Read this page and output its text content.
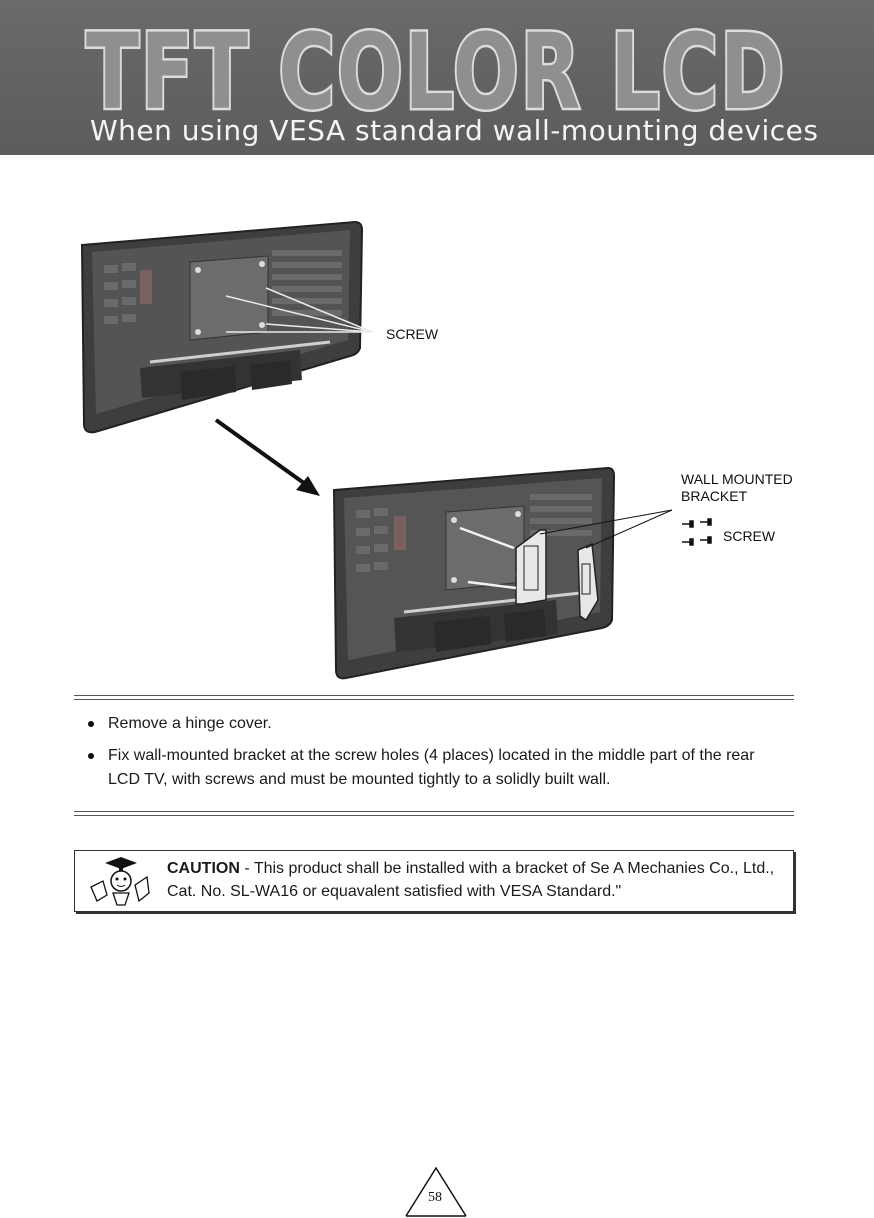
TFT COLOR LCD
When using VESA standard wall-mounting devices
SCREW
WALL MOUNTED
BRACKET
SCREW
Remove a hinge cover.
Fix wall-mounted bracket at the screw holes (4 places) located in the middle part of the rear LCD TV, with screws and must be mounted tightly to a solidly built wall.
CAUTION - This product shall be installed with a bracket of Se A Mechanies Co., Ltd., Cat. No. SL-WA16 or equavalent satisfied with VESA Standard."
58
